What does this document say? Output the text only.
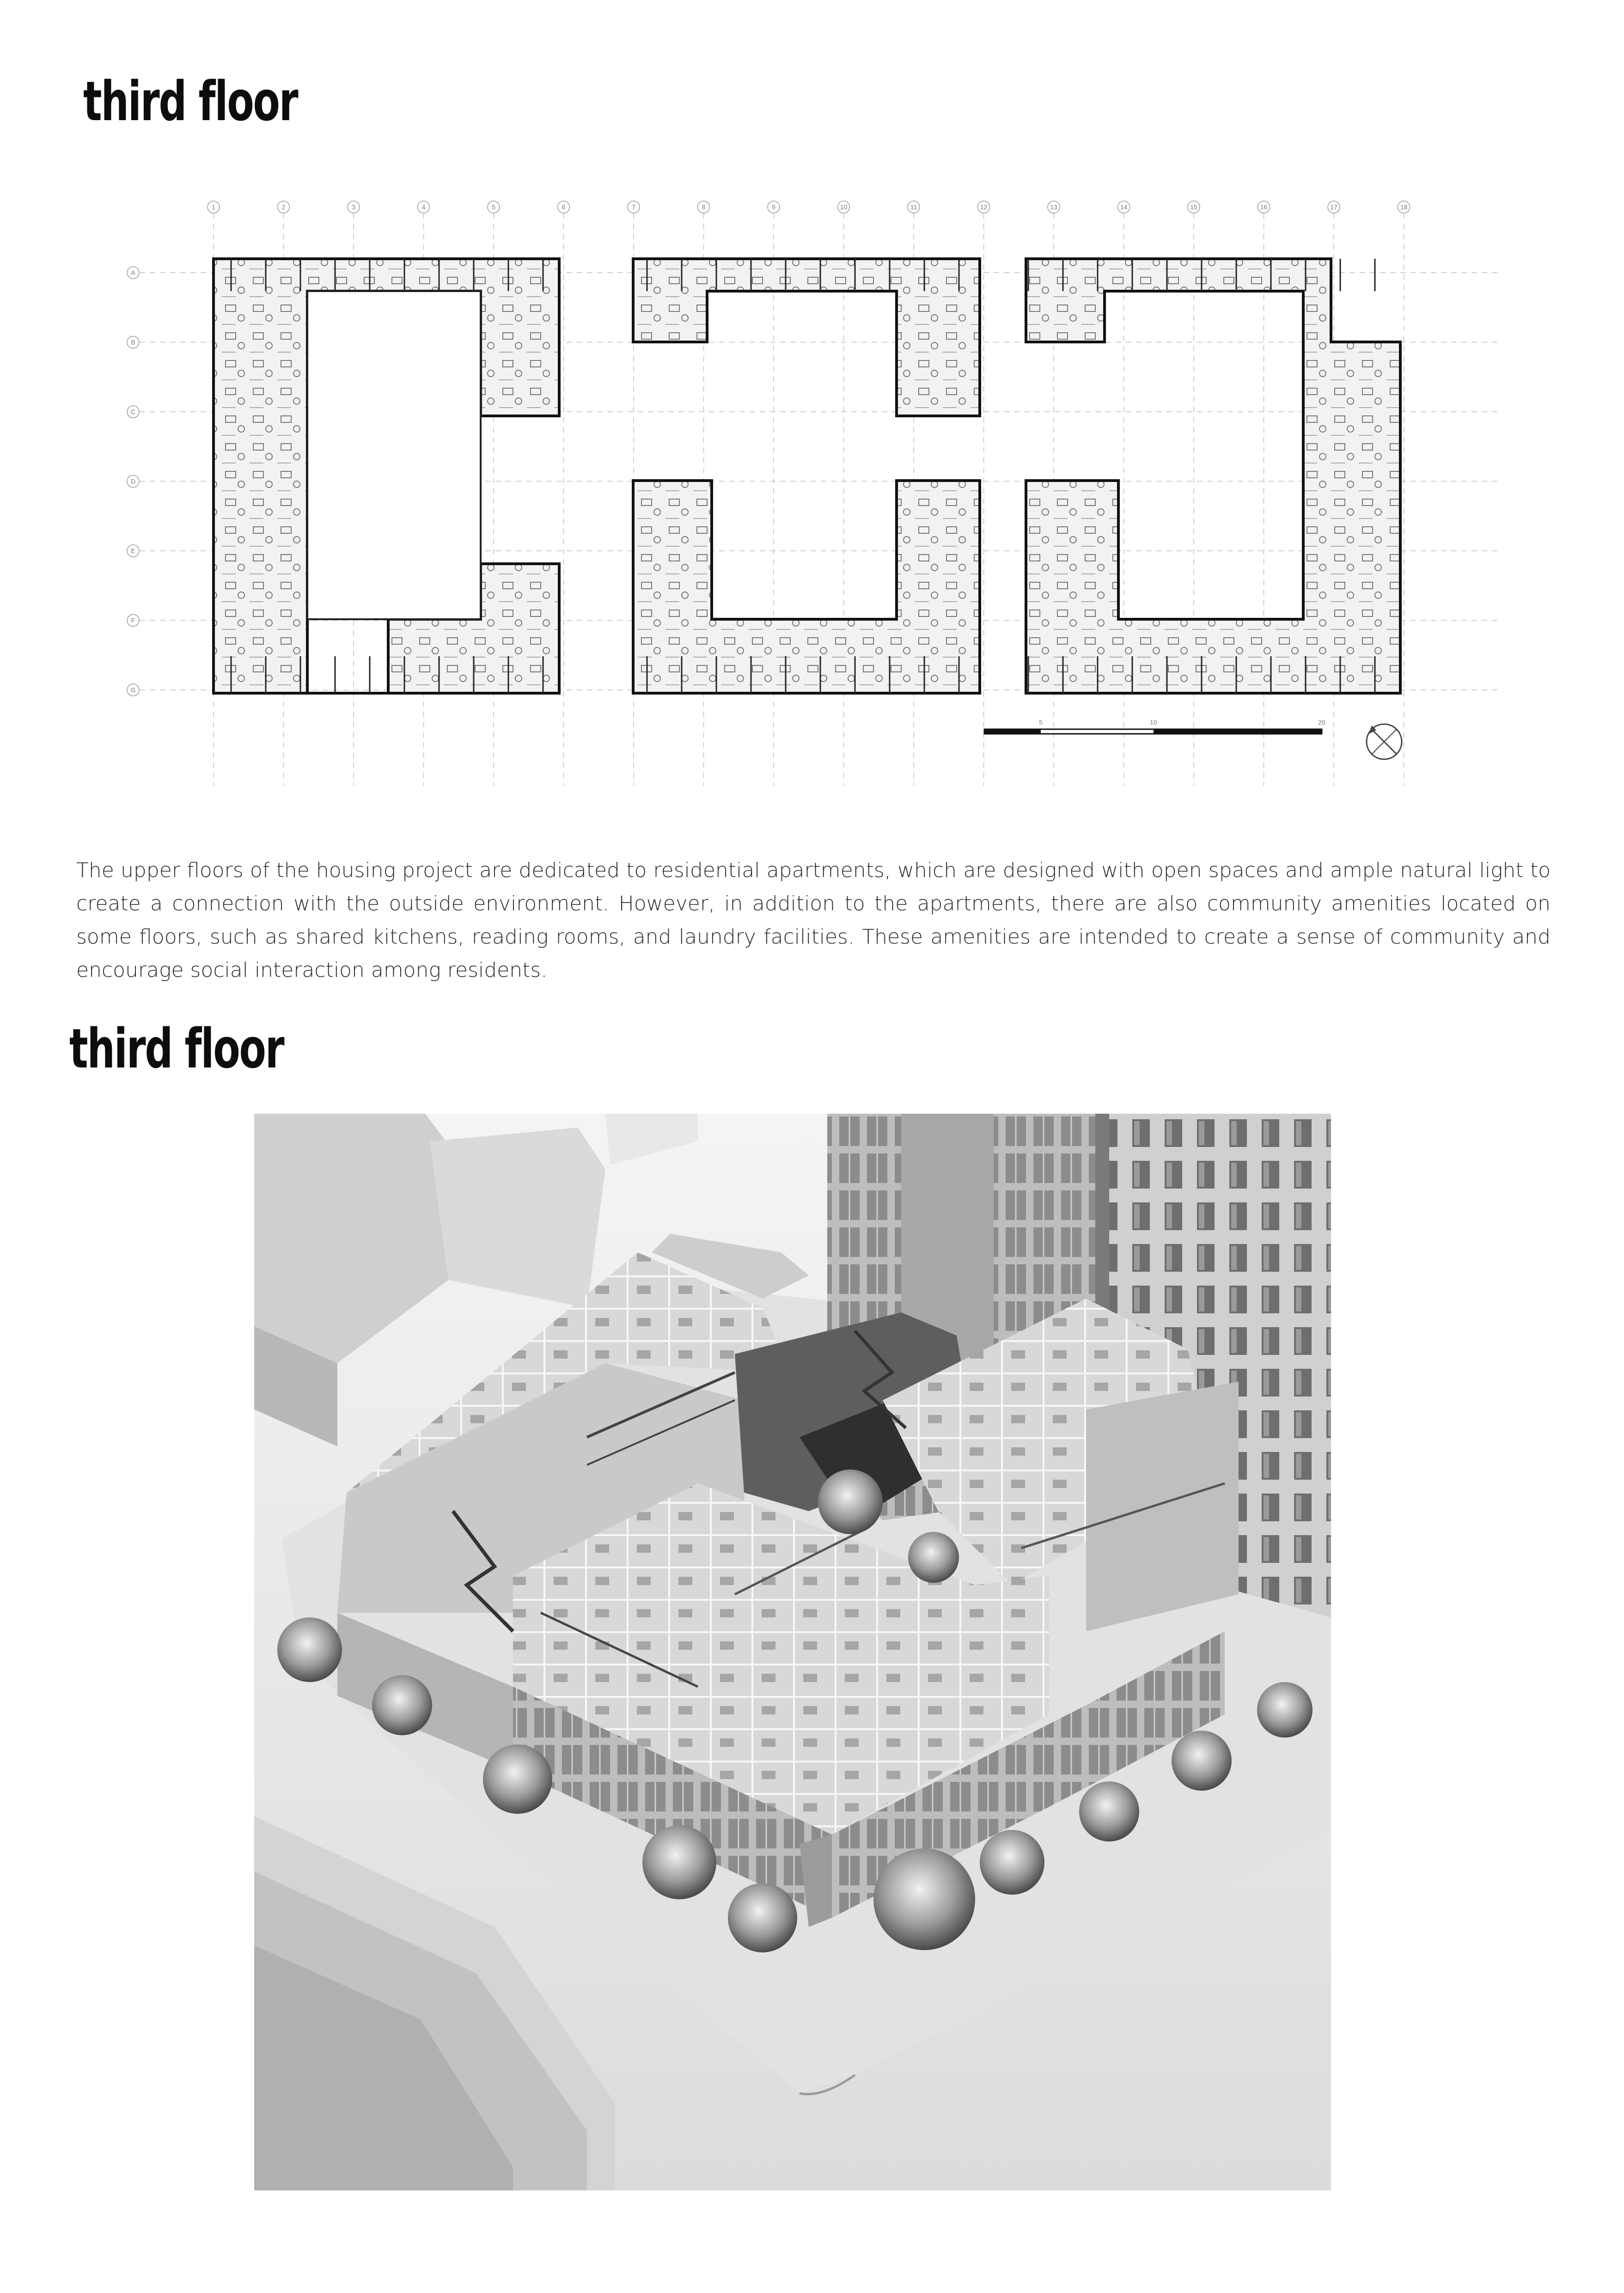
third floor
1	2	3	4	5	6	7	8	9	10	11	12	13	14	15	16	17	18
A
B
C
D
E
F
G
5	10	20

The upper floors of the housing project are dedicated to residential apartments, which are designed with open spaces and ample natural light to create a connection with the outside environment. However, in addition to the apartments, there are also community amenities located on some floors, such as shared kitchens, reading rooms, and laundry facilities. These amenities are intended to create a sense of community and encourage social interaction among residents.

third floor
